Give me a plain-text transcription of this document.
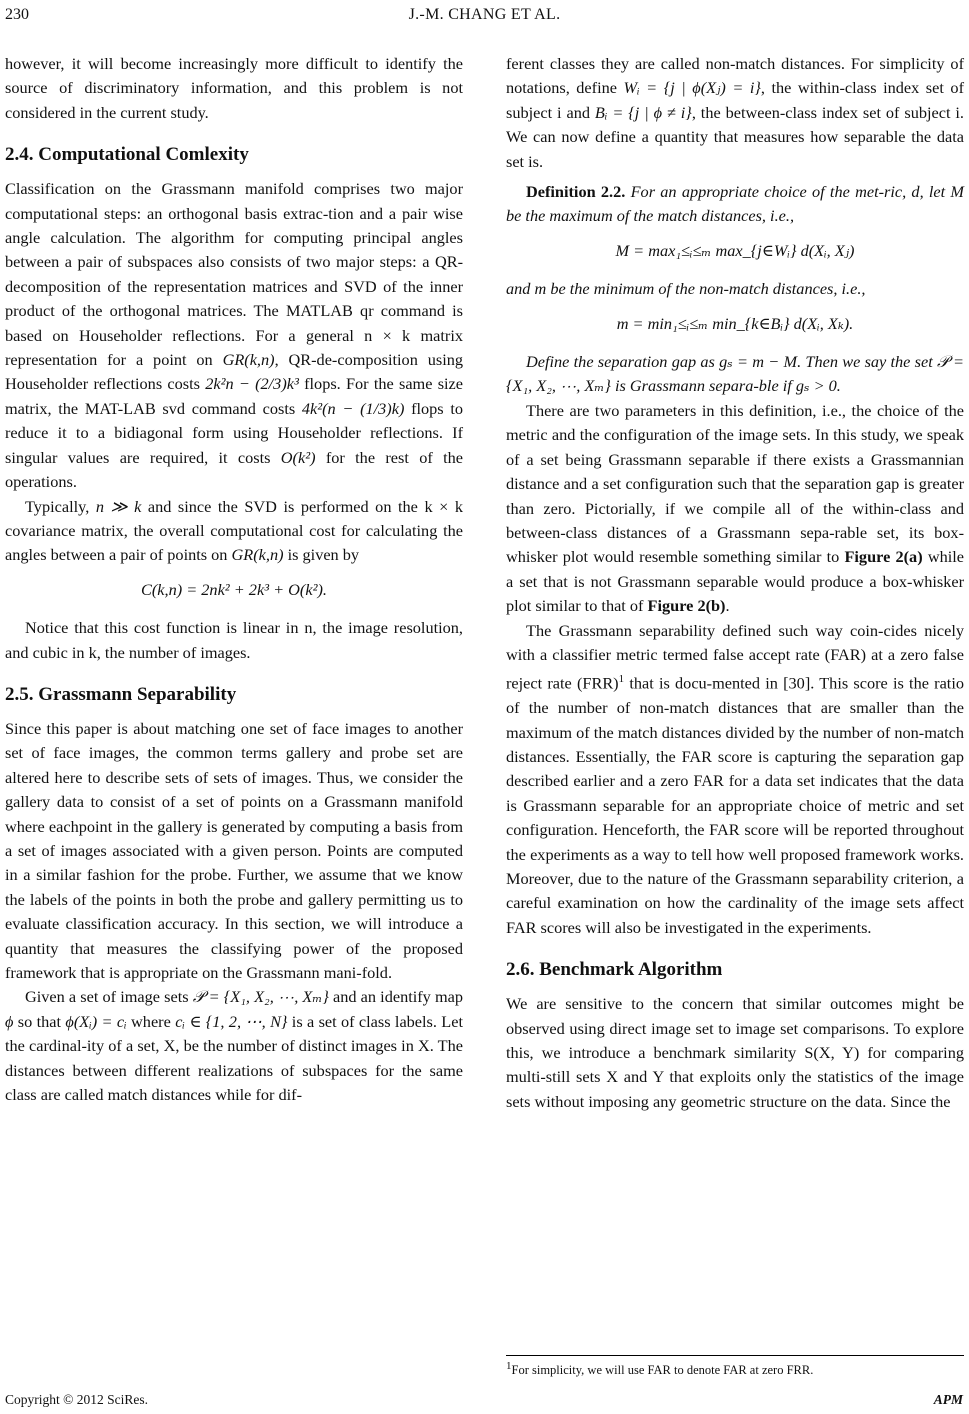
230	J.-M. CHANG ET AL.

however, it will become increasingly more difficult to identify the source of discriminatory information, and this problem is not considered in the current study.

2.4. Computational Comlexity

Classification on the Grassmann manifold comprises two major computational steps: an orthogonal basis extrac-tion and a pair wise angle calculation. The algorithm for computing principal angles between a pair of subspaces also consists of two major steps: a QR-decomposition of the representation matrices and SVD of the inner product of the orthogonal matrices. The MATLAB qr command is based on Householder reflections. For a general n × k matrix representation for a point on GR(k,n), QR-de-composition using Householder reflections costs 2k²n − (2/3)k³ flops. For the same size matrix, the MAT-LAB svd command costs 4k²(n − (1/3)k) flops to reduce it to a bidiagonal form using Householder reflections. If singular values are required, it costs O(k²) for the rest of the operations.

Typically, n ≫ k and since the SVD is performed on the k × k covariance matrix, the overall computational cost for calculating the angles between a pair of points on GR(k,n) is given by

C(k,n) = 2nk² + 2k³ + O(k²).

Notice that this cost function is linear in n, the image resolution, and cubic in k, the number of images.

2.5. Grassmann Separability

Since this paper is about matching one set of face images to another set of face images, the common terms gallery and probe set are altered here to describe sets of sets of images. Thus, we consider the gallery data to consist of a set of points on a Grassmann manifold where eachpoint in the gallery is generated by computing a basis from a set of images associated with a given person. Points are computed in a similar fashion for the probe. Further, we assume that we know the labels of the points in both the probe and gallery permitting us to evaluate classification accuracy. In this section, we will introduce a quantity that measures the classifying power of the proposed framework that is appropriate on the Grassmann mani-fold.

Given a set of image sets 𝒫 = {X₁, X₂, ⋯, Xₘ} and an identify map ϕ so that ϕ(Xᵢ) = cᵢ where cᵢ ∈ {1, 2, ⋯, N} is a set of class labels. Let the cardinal-ity of a set, X, be the number of distinct images in X. The distances between different realizations of subspaces for the same class are called match distances while for dif-

ferent classes they are called non-match distances. For simplicity of notations, define Wᵢ = {j | ϕ(Xⱼ) = i}, the within-class index set of subject i and Bᵢ = {j | ϕ ≠ i}, the between-class index set of subject i. We can now define a quantity that measures how separable the data set is.

Definition 2.2. For an appropriate choice of the met-ric, d, let M be the maximum of the match distances, i.e.,

M = max₁≤ᵢ≤ₘ max_{j∈Wᵢ} d(Xᵢ, Xⱼ)

and m be the minimum of the non-match distances, i.e.,

m = min₁≤ᵢ≤ₘ min_{k∈Bᵢ} d(Xᵢ, Xₖ).

Define the separation gap as gₛ = m − M. Then we say the set 𝒫 = {X₁, X₂, ⋯, Xₘ} is Grassmann separa-ble if gₛ > 0.

There are two parameters in this definition, i.e., the choice of the metric and the configuration of the image sets. In this study, we speak of a set being Grassmann separable if there exists a Grassmannian distance and a set configuration such that the separation gap is greater than zero. Pictorially, if we compile all of the within-class and between-class distances of a Grassmann sepa-rable set, its box-whisker plot would resemble something similar to Figure 2(a) while a set that is not Grassmann separable would produce a box-whisker plot similar to that of Figure 2(b).

The Grassmann separability defined such way coin-cides nicely with a classifier metric termed false accept rate (FAR) at a zero false reject rate (FRR)$^1$ that is docu-mented in [30]. This score is the ratio of the number of non-match distances that are smaller than the maximum of the match distances divided by the number of non-match distances. Essentially, the FAR score is capturing the separation gap described earlier and a zero FAR for a data set indicates that the data is Grassmann separable for an appropriate choice of metric and set configuration. Henceforth, the FAR score will be reported throughout the experiments as a way to tell how well proposed framework works. Moreover, due to the nature of the Grassmann separability criterion, a careful examination on how the cardinality of the image sets affect FAR scores will also be investigated in the experiments.

2.6. Benchmark Algorithm

We are sensitive to the concern that similar outcomes might be observed using direct image set to image set comparisons. To explore this, we introduce a benchmark similarity S(X, Y) for comparing multi-still sets X and Y that exploits only the statistics of the image sets without imposing any geometric structure on the data. Since the

$^1$For simplicity, we will use FAR to denote FAR at zero FRR.
Copyright © 2012 SciRes.	APM
